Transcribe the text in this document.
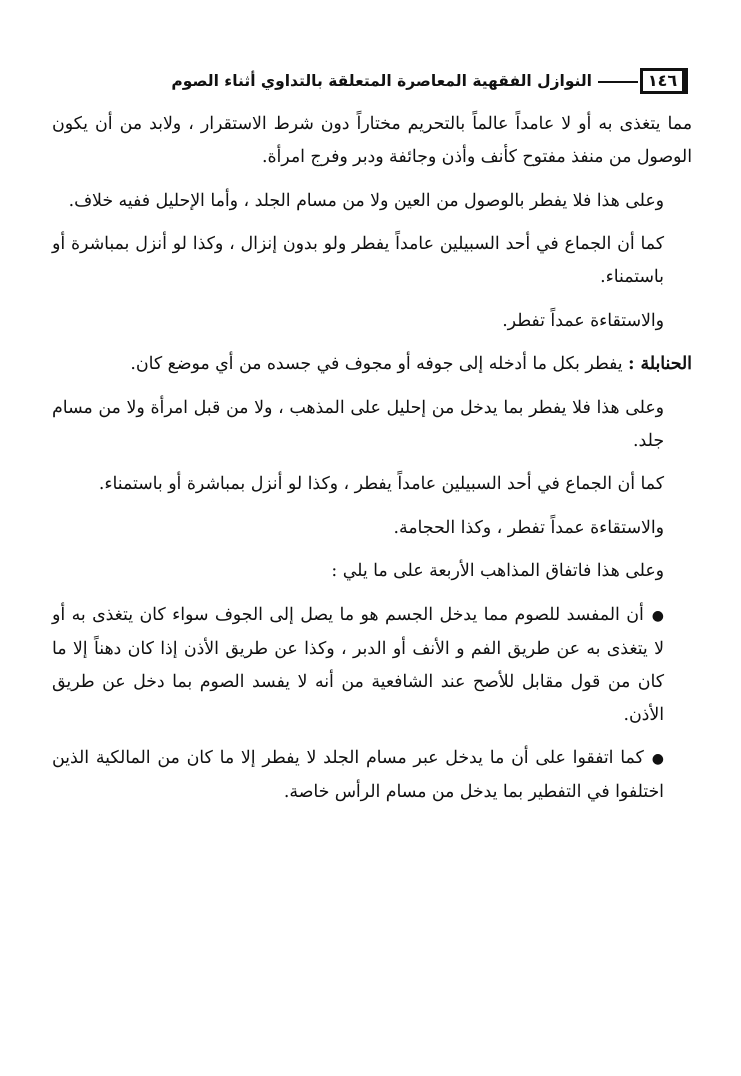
١٤٦
النوازل الفقهية المعاصرة المتعلقة بالتداوي أثناء الصوم

مما يتغذى به أو لا عامداً عالماً بالتحريم مختاراً دون شرط الاستقرار ، ولابد من أن يكون الوصول من منفذ مفتوح كأنف وأذن وجائفة ودبر وفرج امرأة.

وعلى هذا فلا يفطر بالوصول من العين ولا من مسام الجلد ، وأما الإحليل ففيه خلاف.

كما أن الجماع في أحد السبيلين عامداً يفطر ولو بدون إنزال ، وكذا لو أنزل بمباشرة أو باستمناء.

والاستقاءة عمداً تفطر.

الحنابلة : يفطر بكل ما أدخله إلى جوفه أو مجوف في جسده من أي موضع كان.

وعلى هذا فلا يفطر بما يدخل من إحليل على المذهب ، ولا من قبل امرأة ولا من مسام جلد.

كما أن الجماع في أحد السبيلين عامداً يفطر ، وكذا لو أنزل بمباشرة أو باستمناء.

والاستقاءة عمداً تفطر ، وكذا الحجامة.

وعلى هذا فاتفاق المذاهب الأربعة على ما يلي :

●أن المفسد للصوم مما يدخل الجسم هو ما يصل إلى الجوف سواء كان يتغذى به أو لا يتغذى به عن طريق الفم و الأنف أو الدبر ، وكذا عن طريق الأذن إذا كان دهناً إلا ما كان من قول مقابل للأصح عند الشافعية من أنه لا يفسد الصوم بما دخل عن طريق الأذن.

●كما اتفقوا على أن ما يدخل عبر مسام الجلد لا يفطر إلا ما كان من المالكية الذين اختلفوا في التفطير بما يدخل من مسام الرأس خاصة.
